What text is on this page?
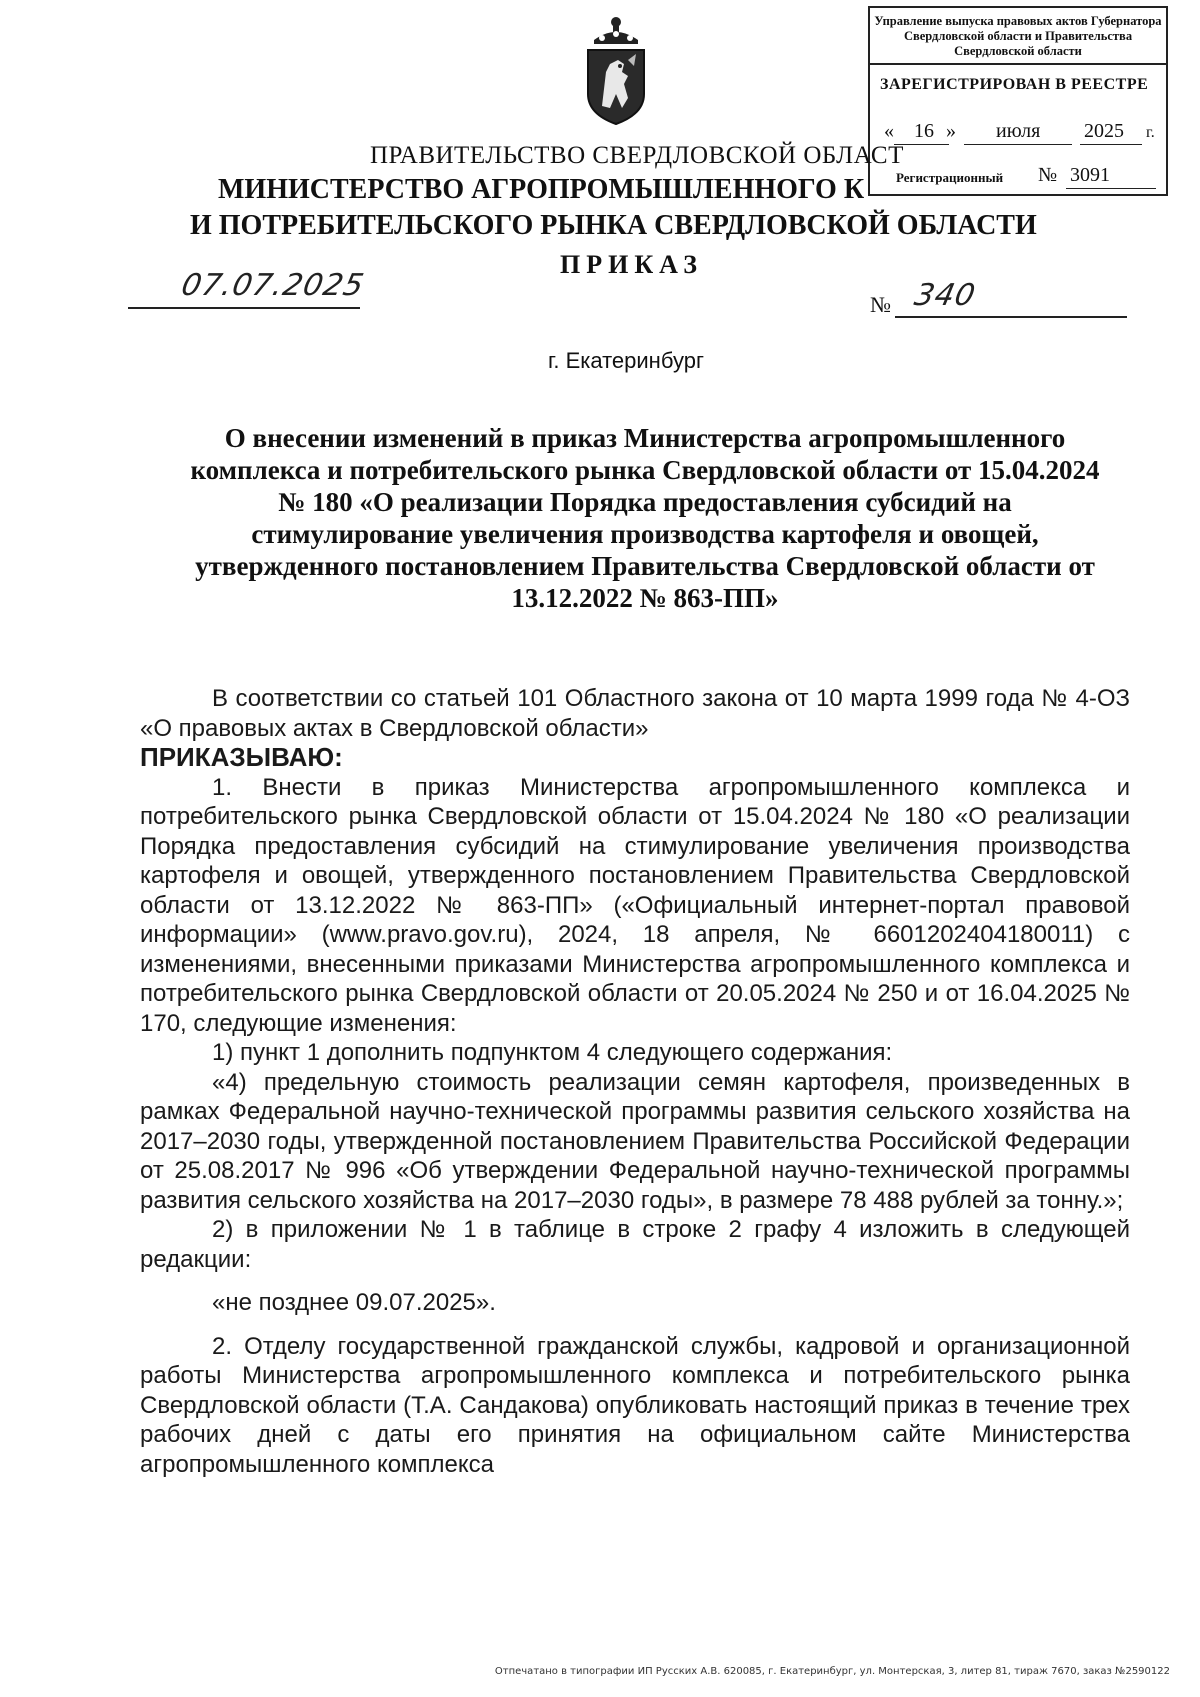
Управление выпуска правовых актов Губернатора Свердловской области и Правительства Свердловской области
ЗАРЕГИСТРИРОВАН В РЕЕСТРЕ
« 16 » июля 2025 г.
Регистрационный № 3091
ПРАВИТЕЛЬСТВО СВЕРДЛОВСКОЙ ОБЛАСТ
МИНИСТЕРСТВО АГРОПРОМЫШЛЕННОГО К
И ПОТРЕБИТЕЛЬСКОГО РЫНКА СВЕРДЛОВСКОЙ ОБЛАСТИ
ПРИКАЗ
07.07.2025
№ 340
г. Екатеринбург
О внесении изменений в приказ Министерства агропромышленного комплекса и потребительского рынка Свердловской области от 15.04.2024 № 180 «О реализации Порядка предоставления субсидий на стимулирование увеличения производства картофеля и овощей, утвержденного постановлением Правительства Свердловской области от 13.12.2022 № 863-ПП»

В соответствии со статьей 101 Областного закона от 10 марта 1999 года № 4-ОЗ «О правовых актах в Свердловской области»

ПРИКАЗЫВАЮ:

1. Внести в приказ Министерства агропромышленного комплекса и потребительского рынка Свердловской области от 15.04.2024 № 180 «О реализации Порядка предоставления субсидий на стимулирование увеличения производства картофеля и овощей, утвержденного постановлением Правительства Свердловской области от 13.12.2022 № 863-ПП» («Официальный интернет-портал правовой информации» (www.pravo.gov.ru), 2024, 18 апреля, № 6601202404180011) с изменениями, внесенными приказами Министерства агропромышленного комплекса и потребительского рынка Свердловской области от 20.05.2024 № 250 и от 16.04.2025 № 170, следующие изменения:

1) пункт 1 дополнить подпунктом 4 следующего содержания:

«4) предельную стоимость реализации семян картофеля, произведенных в рамках Федеральной научно-технической программы развития сельского хозяйства на 2017–2030 годы, утвержденной постановлением Правительства Российской Федерации от 25.08.2017 № 996 «Об утверждении Федеральной научно-технической программы развития сельского хозяйства на 2017–2030 годы», в размере 78 488 рублей за тонну.»;

2) в приложении № 1 в таблице в строке 2 графу 4 изложить в следующей редакции:

«не позднее 09.07.2025».

2. Отделу государственной гражданской службы, кадровой и организационной работы Министерства агропромышленного комплекса и потребительского рынка Свердловской области (Т.А. Сандакова) опубликовать настоящий приказ в течение трех рабочих дней с даты его принятия на официальном сайте Министерства агропромышленного комплекса

Отпечатано в типографии ИП Русских А.В. 620085, г. Екатеринбург, ул. Монтерская, 3, литер 81, тираж 7670, заказ №2590122
